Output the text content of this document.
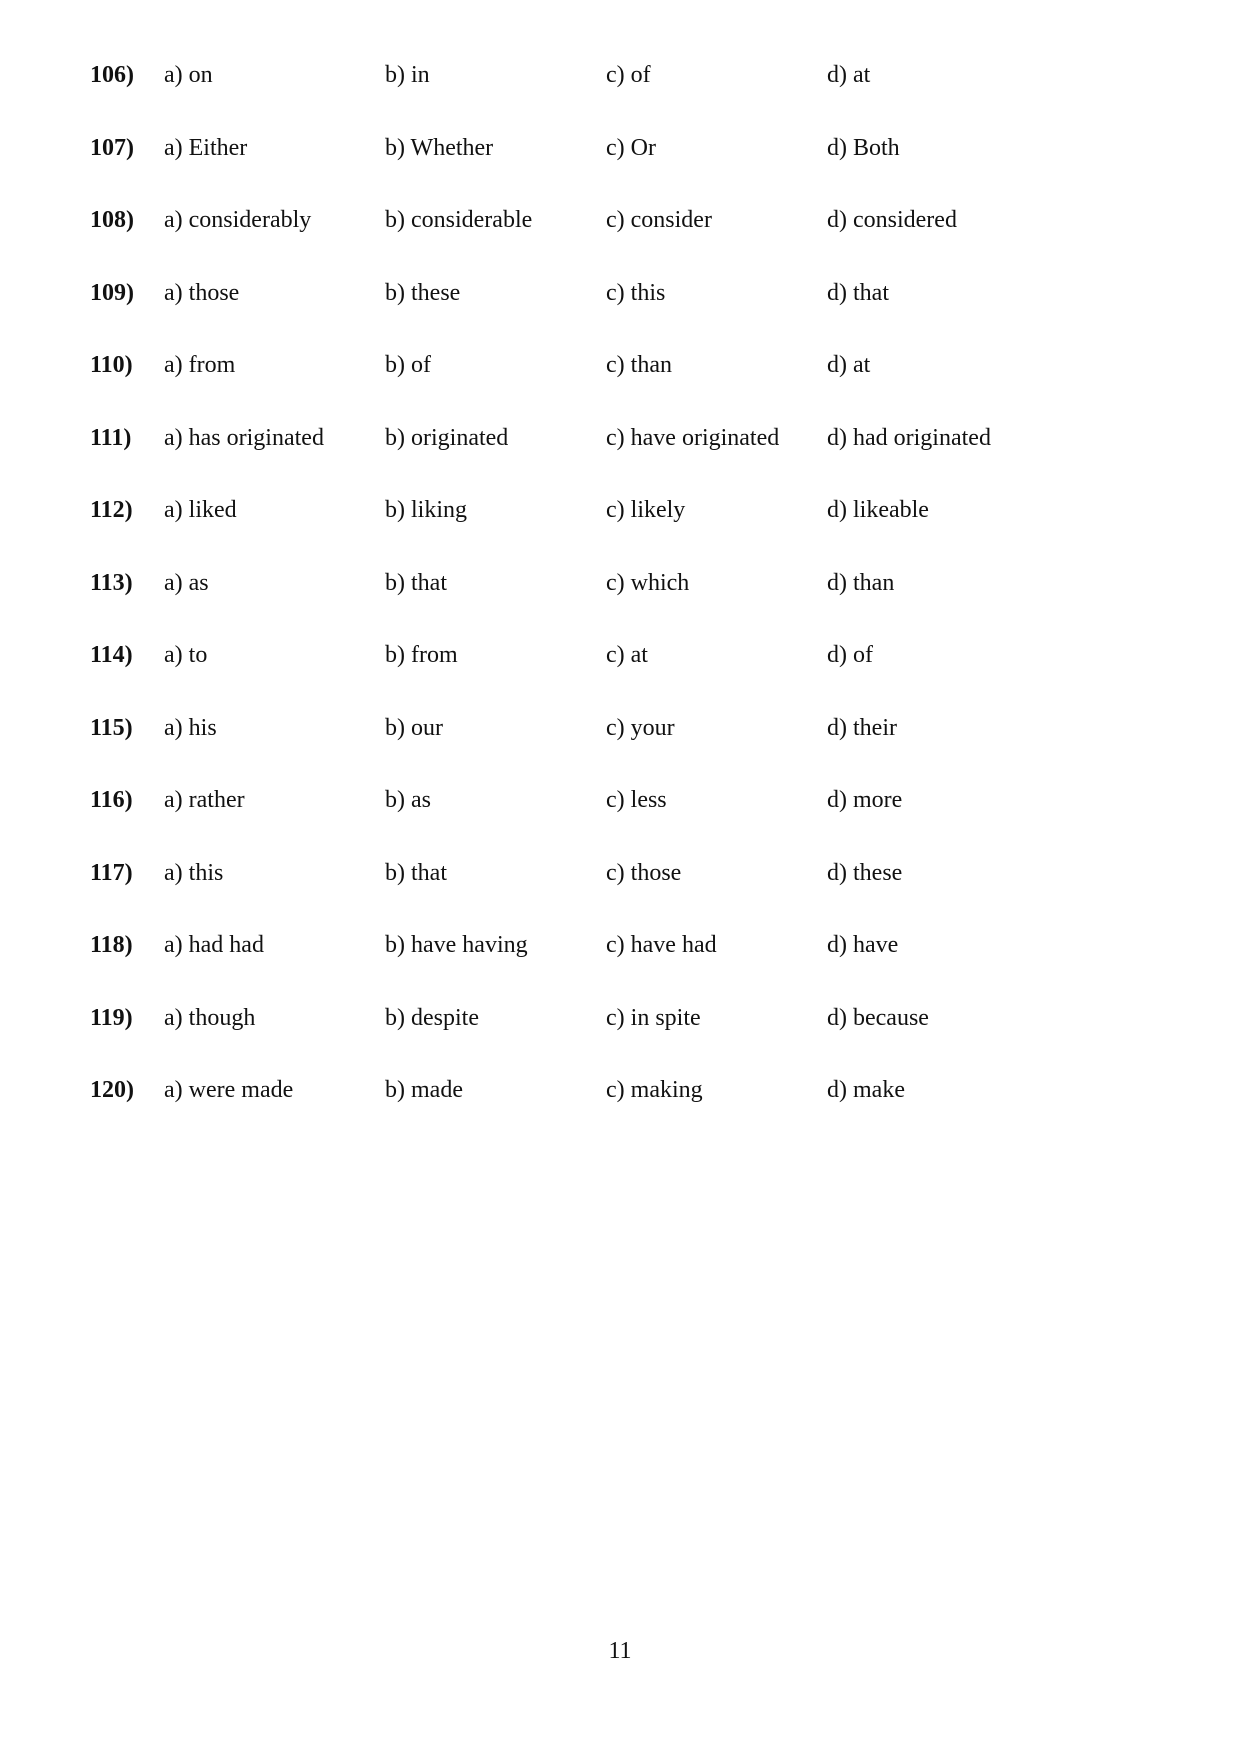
106)	a) on	b) in	c) of	d) at
107)	a) Either	b) Whether	c) Or	d) Both
108)	a) considerably	b) considerable	c) consider	d) considered
109)	a) those	b) these	c) this	d) that
110)	a) from	b) of	c) than	d) at
111)	a) has originated	b) originated	c) have originated	d) had originated
112)	a) liked	b) liking	c) likely	d) likeable
113)	a) as	b) that	c) which	d) than
114)	a) to	b) from	c) at	d) of
115)	a) his	b) our	c) your	d) their
116)	a) rather	b) as	c) less	d) more
117)	a) this	b) that	c) those	d) these
118)	a) had had	b) have having	c) have had	d) have
119)	a) though	b) despite	c) in spite	d) because
120)	a) were made	b) made	c) making	d) make
11
